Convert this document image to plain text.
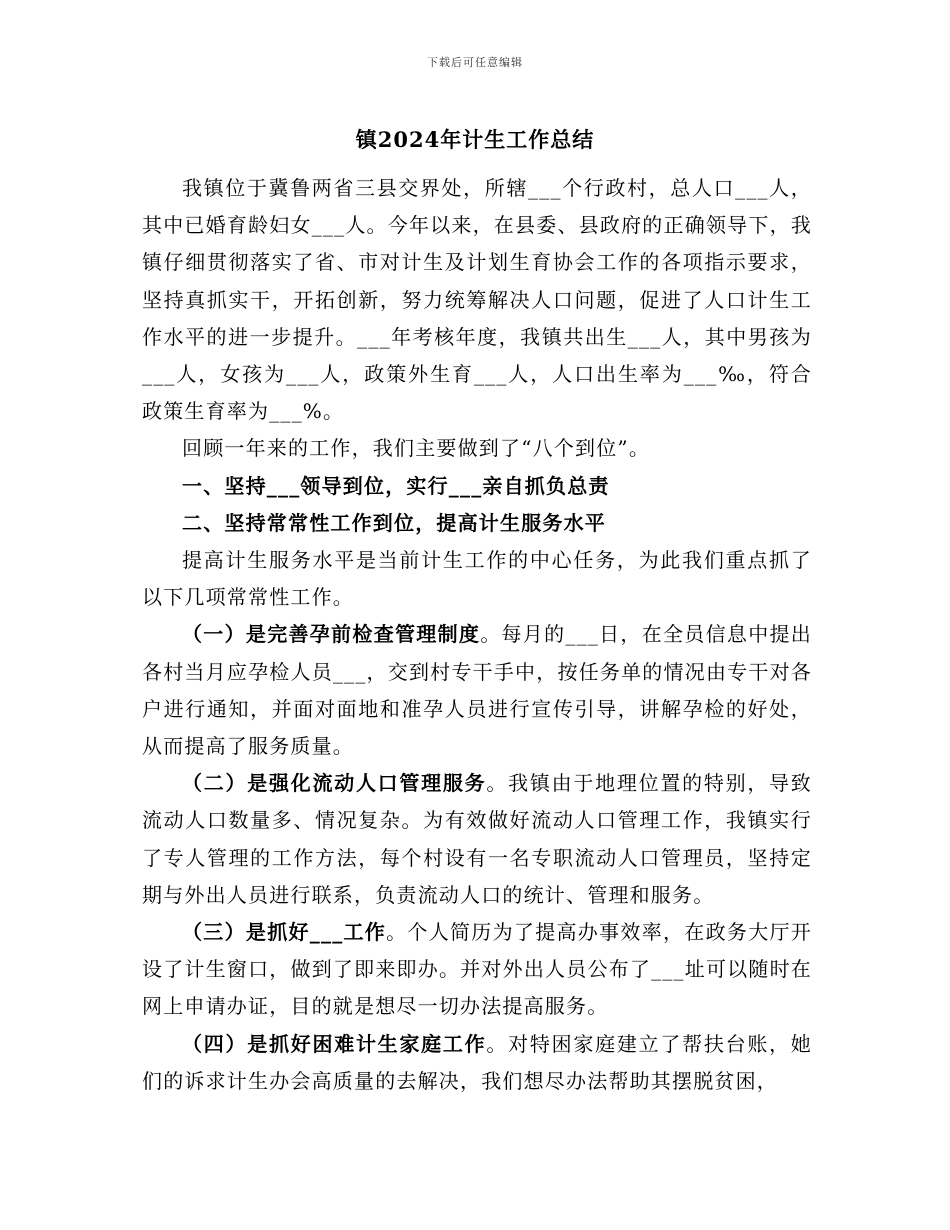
下载后可任意编辑
镇2024年计生工作总结

我镇位于冀鲁两省三县交界处，所辖___个行政村，总人口___人，其中已婚育龄妇女___人。今年以来，在县委、县政府的正确领导下，我镇仔细贯彻落实了省、市对计生及计划生育协会工作的各项指示要求，坚持真抓实干，开拓创新，努力统筹解决人口问题，促进了人口计生工作水平的进一步提升。___年考核年度，我镇共出生___人，其中男孩为___人，女孩为___人，政策外生育___人，人口出生率为___‰，符合政策生育率为___%。

回顾一年来的工作，我们主要做到了“八个到位”。

一、坚持___领导到位，实行___亲自抓负总责

二、坚持常常性工作到位，提高计生服务水平

提高计生服务水平是当前计生工作的中心任务，为此我们重点抓了以下几项常常性工作。

（一）是完善孕前检查管理制度。每月的___日，在全员信息中提出各村当月应孕检人员___，交到村专干手中，按任务单的情况由专干对各户进行通知，并面对面地和准孕人员进行宣传引导，讲解孕检的好处，从而提高了服务质量。

（二）是强化流动人口管理服务。我镇由于地理位置的特别，导致流动人口数量多、情况复杂。为有效做好流动人口管理工作，我镇实行了专人管理的工作方法，每个村设有一名专职流动人口管理员，坚持定期与外出人员进行联系，负责流动人口的统计、管理和服务。

（三）是抓好___工作。个人简历为了提高办事效率，在政务大厅开设了计生窗口，做到了即来即办。并对外出人员公布了___址可以随时在网上申请办证，目的就是想尽一切办法提高服务。

（四）是抓好困难计生家庭工作。对特困家庭建立了帮扶台账，她们的诉求计生办会高质量的去解决，我们想尽办法帮助其摆脱贫困，
